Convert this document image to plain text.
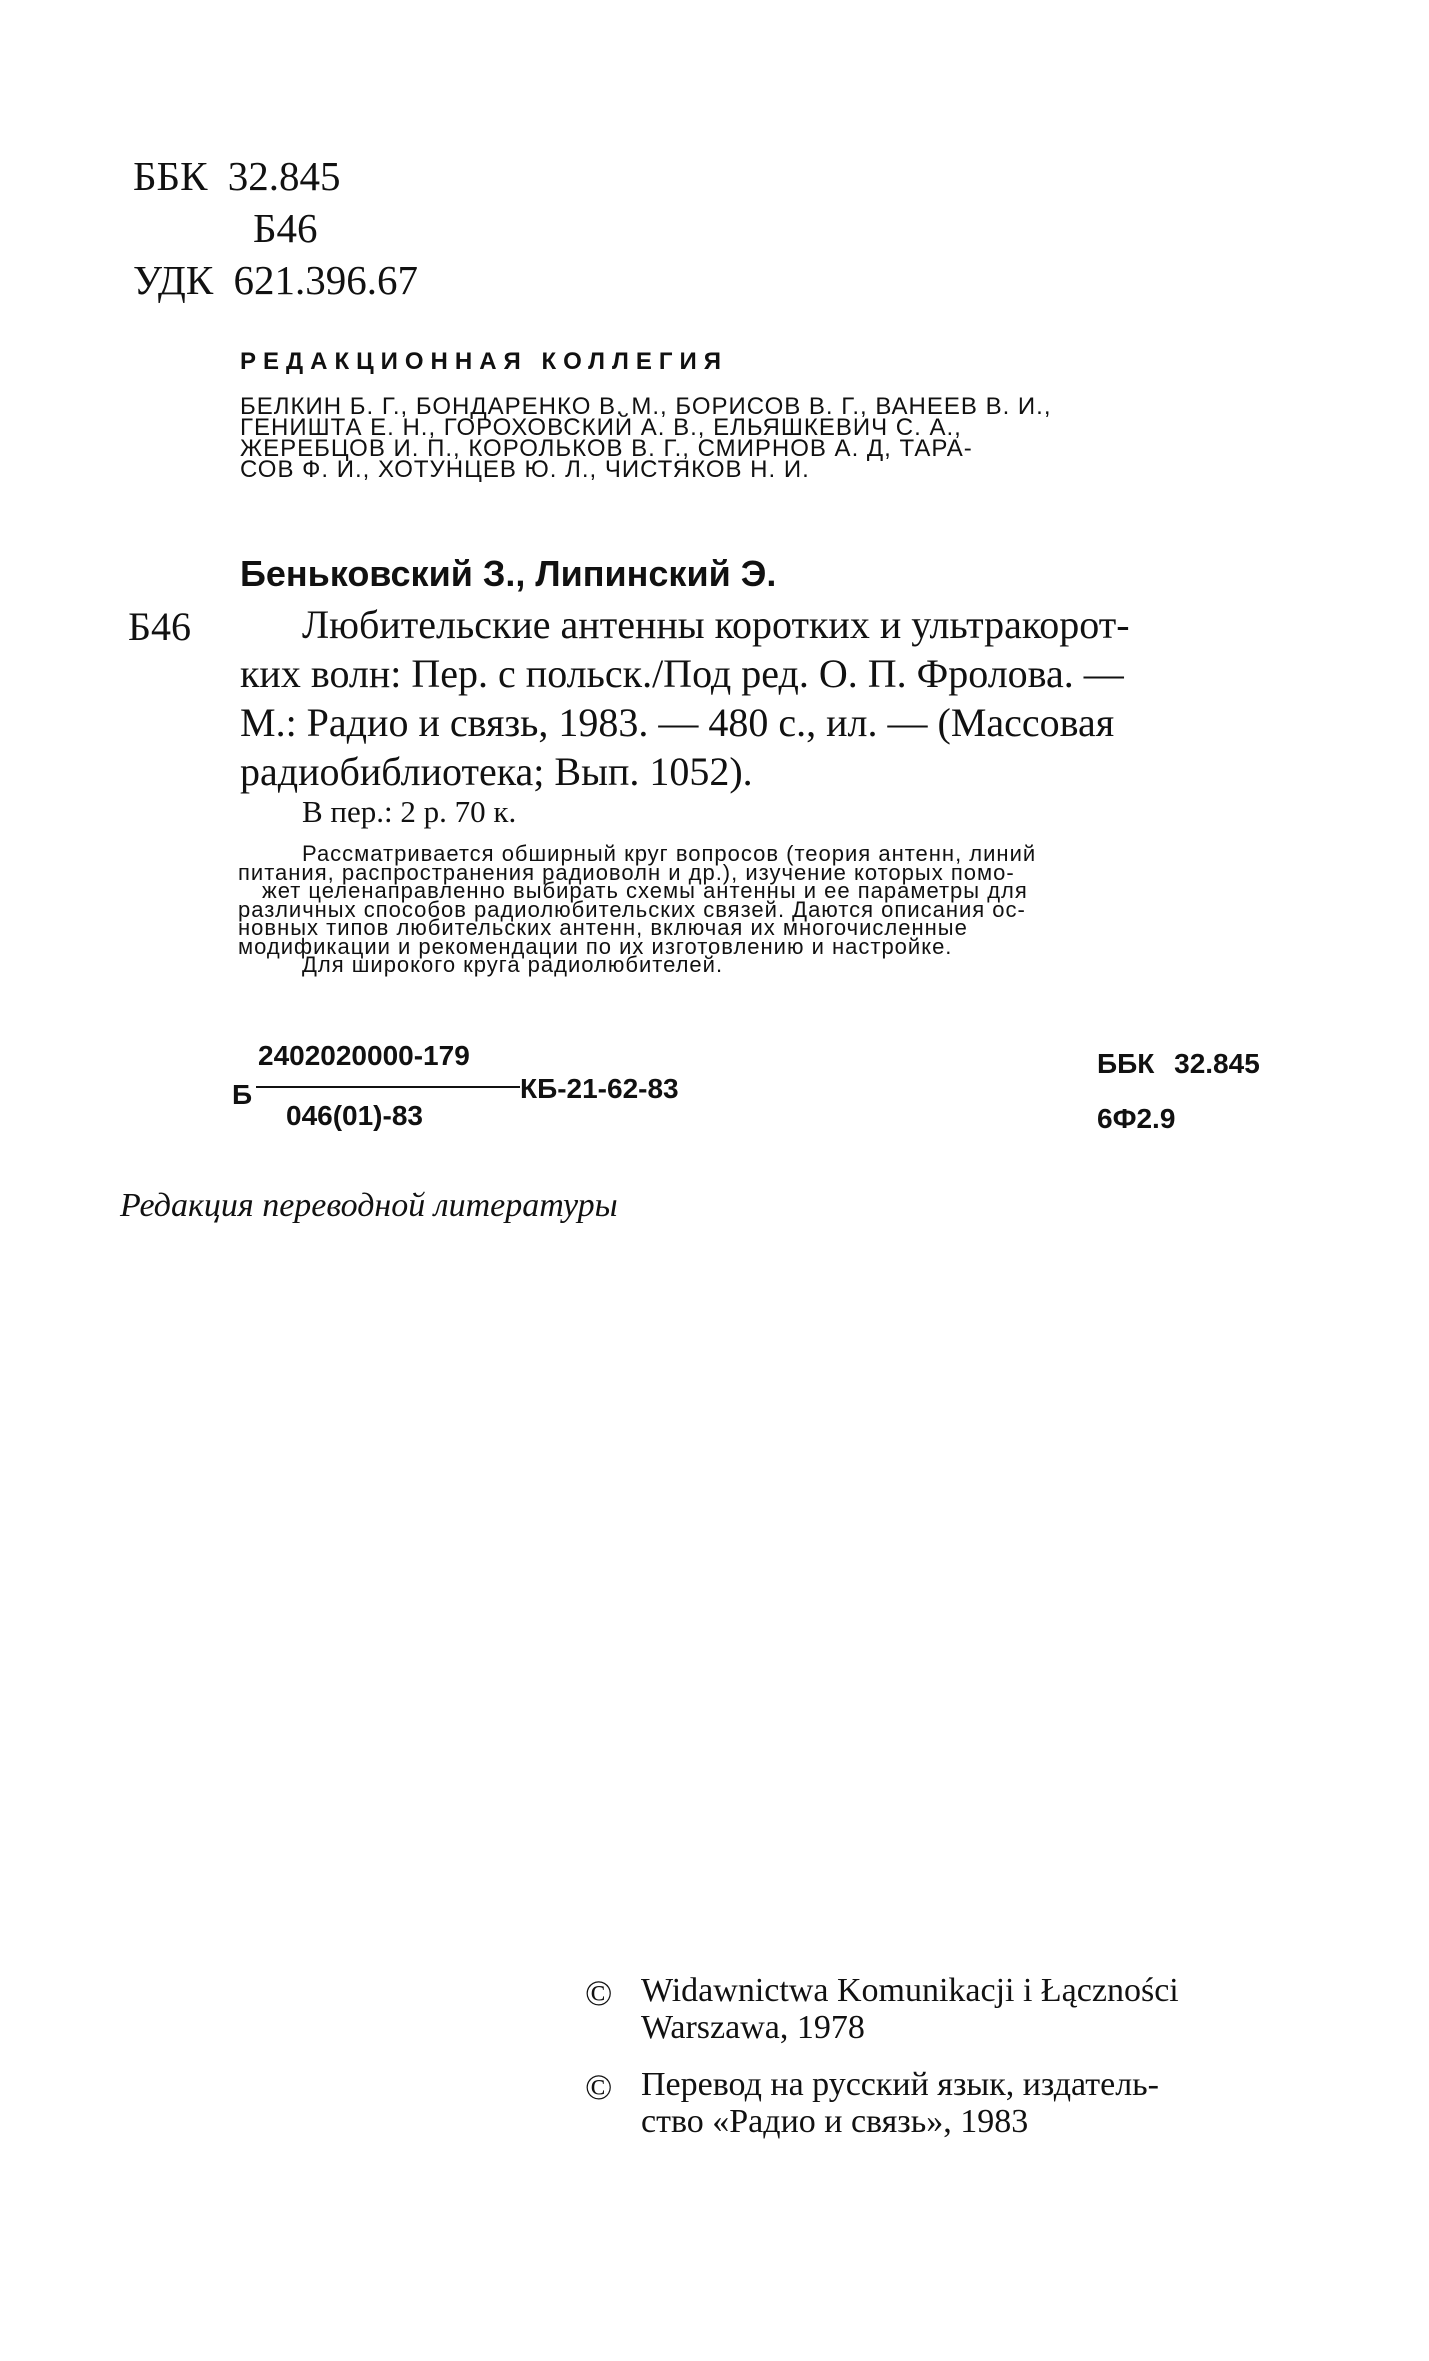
ББК 32.845
Б46
УДК 621.396.67
РЕДАКЦИОННАЯ КОЛЛЕГИЯ
БЕЛКИН Б. Г., БОНДАРЕНКО В. М., БОРИСОВ В. Г., ВАНЕЕВ В. И.,
ГЕНИШТА Е. Н., ГОРОХОВСКИЙ А. В., ЕЛЬЯШКЕВИЧ С. А.,
ЖЕРЕБЦОВ И. П., КОРОЛЬКОВ В. Г., СМИРНОВ А. Д, ТАРА-
СОВ Ф. И., ХОТУНЦЕВ Ю. Л., ЧИСТЯКОВ Н. И.
Беньковский З., Липинский Э.
Б46	Любительские антенны коротких и ультракорот-
ких волн: Пер. с польск./Под ред. О. П. Фролова. —
М.: Радио и связь, 1983. — 480 с., ил. — (Массовая
радиобиблиотека; Вып. 1052).
В пер.: 2 р. 70 к.
Рассматривается обширный круг вопросов (теория антенн, линий
питания, распространения радиоволн и др.), изучение которых помо-
жет целенаправленно выбирать схемы антенны и ее параметры для
различных способов радиолюбительских связей. Даются описания ос-
новных типов любительских антенн, включая их многочисленные
модификации и рекомендации по их изготовлению и настройке.
Для широкого круга радиолюбителей.
Б
2402020000-179
КБ-21-62-83
046(01)-83
ББК 32.845
6Ф2.9
Редакция переводной литературы
© Widawnictwa Komunikacji i Łączności
Warszawa, 1978
© Перевод на русский язык, издатель-
ство «Радио и связь», 1983
